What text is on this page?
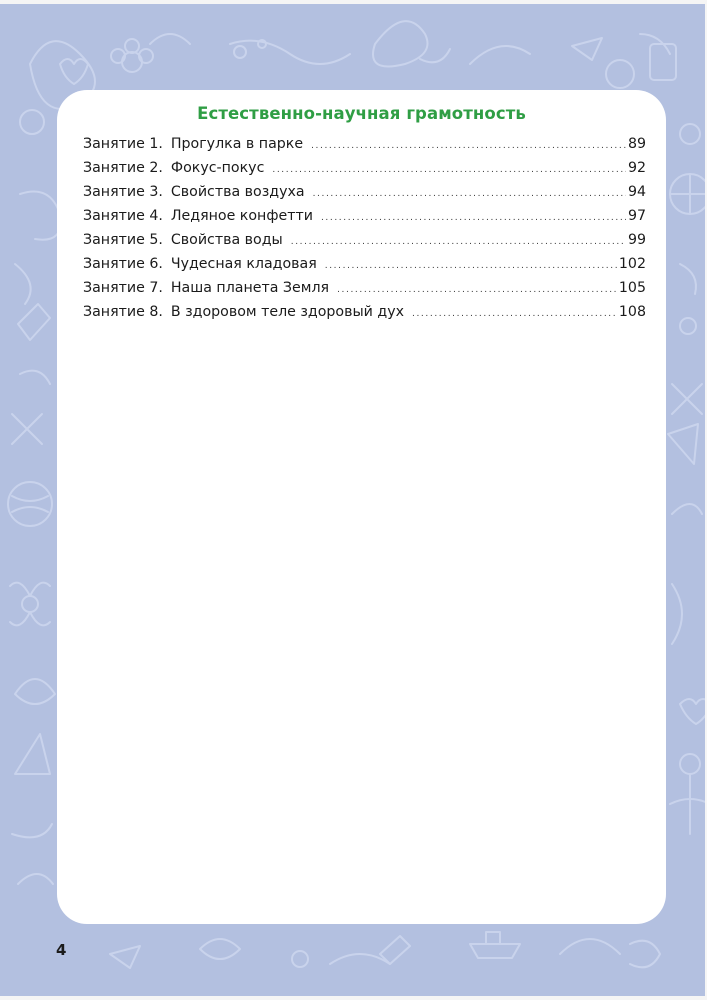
Естественно-научная грамотность
Занятие 1. Прогулка в парке .....	89
Занятие 2. Фокус-покус .....	92
Занятие 3. Свойства воздуха .....	94
Занятие 4. Ледяное конфетти .....	97
Занятие 5. Свойства воды .....	99
Занятие 6. Чудесная кладовая .....	102
Занятие 7. Наша планета Земля .....	105
Занятие 8. В здоровом теле здоровый дух .....	108
4
